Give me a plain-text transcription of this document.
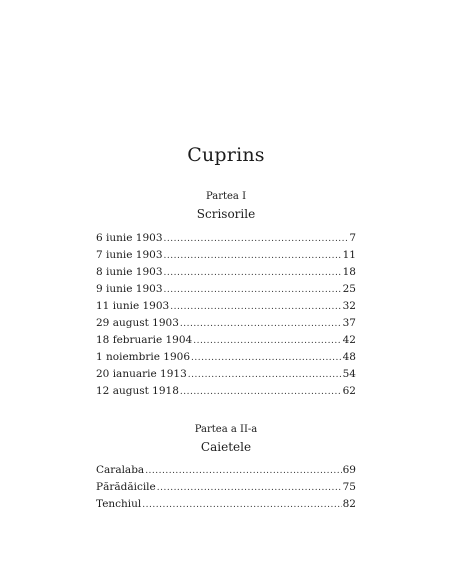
Cuprins
Partea I
Scrisorile
6 iunie 1903 .....	7
7 iunie 1903 .....	11
8 iunie 1903 .....	18
9 iunie 1903 .....	25
11 iunie 1903 .....	32
29 august 1903 .....	37
18 februarie 1904 .....	42
1 noiembrie 1906 .....	48
20 ianuarie 1913 .....	54
12 august 1918 .....	62
Partea a II-a
Caietele
Caralaba .....	69
Părădăicile .....	75
Tenchiul .....	82
